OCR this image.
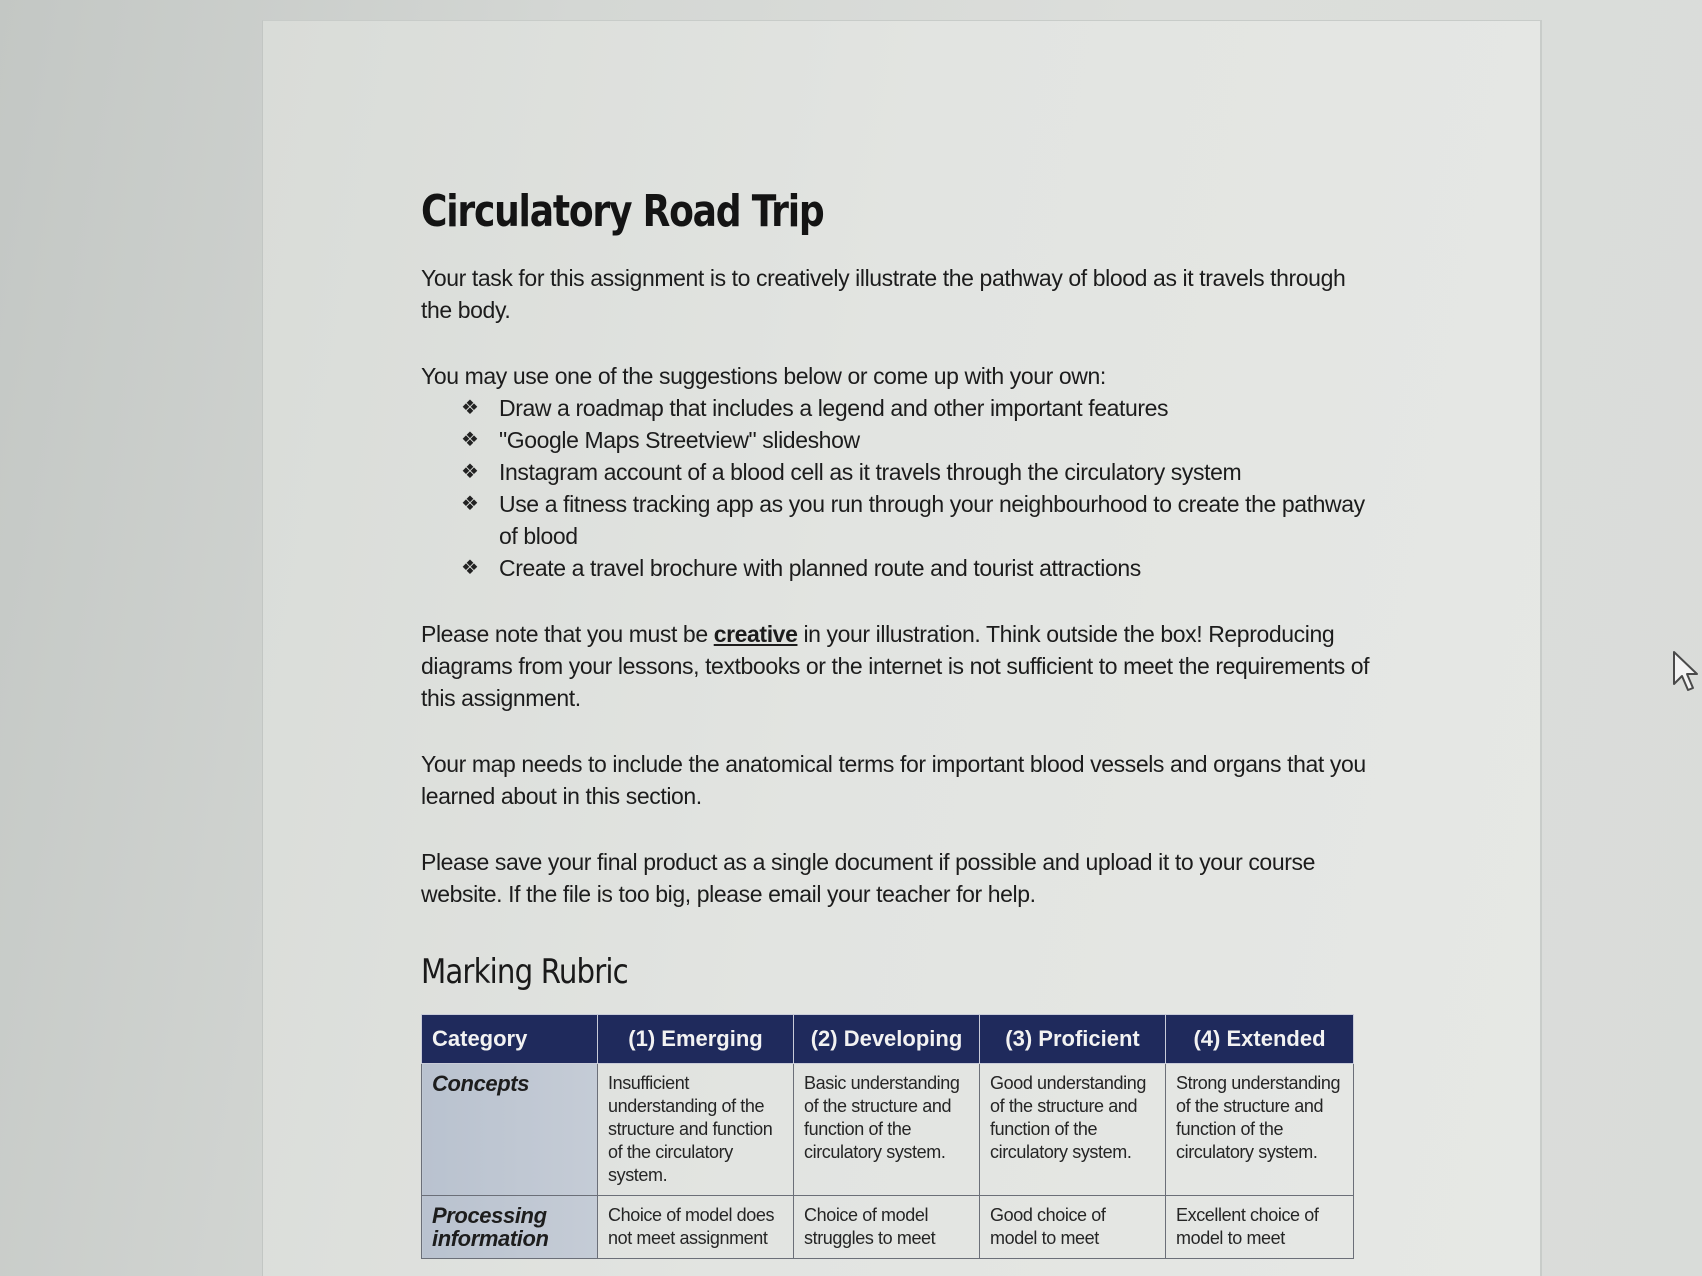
Circulatory Road Trip

Your task for this assignment is to creatively illustrate the pathway of blood as it travels through the body.

You may use one of the suggestions below or come up with your own:

❖ Draw a roadmap that includes a legend and other important features
❖ "Google Maps Streetview" slideshow
❖ Instagram account of a blood cell as it travels through the circulatory system
❖ Use a fitness tracking app as you run through your neighbourhood to create the pathway of blood
❖ Create a travel brochure with planned route and tourist attractions

Please note that you must be creative in your illustration. Think outside the box! Reproducing diagrams from your lessons, textbooks or the internet is not sufficient to meet the requirements of this assignment.

Your map needs to include the anatomical terms for important blood vessels and organs that you learned about in this section.

Please save your final product as a single document if possible and upload it to your course website. If the file is too big, please email your teacher for help.

Marking Rubric
Category	(1) Emerging	(2) Developing	(3) Proficient	(4) Extended
Concepts	Insufficient understanding of the structure and function of the circulatory system.	Basic understanding of the structure and function of the circulatory system.	Good understanding of the structure and function of the circulatory system.	Strong understanding of the structure and function of the circulatory system.
Processing information	Choice of model does not meet assignment	Choice of model struggles to meet	Good choice of model to meet	Excellent choice of model to meet
